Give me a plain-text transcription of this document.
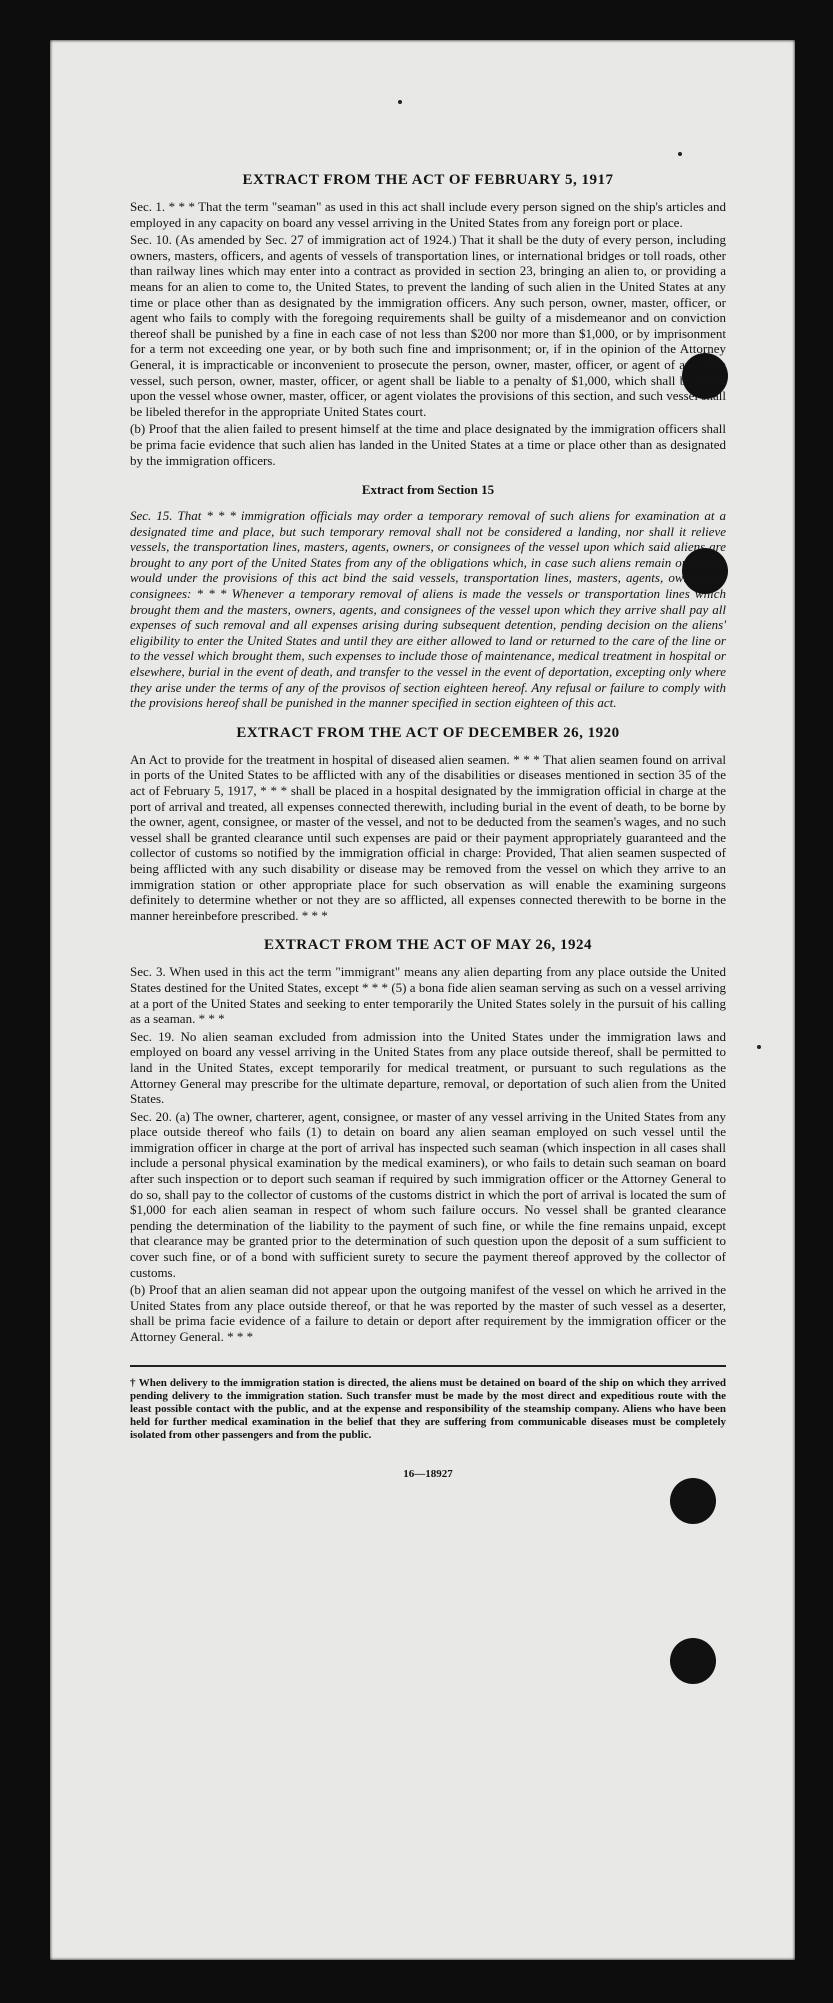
EXTRACT FROM THE ACT OF FEBRUARY 5, 1917

Sec. 1. * * * That the term "seaman" as used in this act shall include every person signed on the ship's articles and employed in any capacity on board any vessel arriving in the United States from any foreign port or place.

Sec. 10. (As amended by Sec. 27 of immigration act of 1924.) That it shall be the duty of every person, including owners, masters, officers, and agents of vessels of transportation lines, or international bridges or toll roads, other than railway lines which may enter into a contract as provided in section 23, bringing an alien to, or providing a means for an alien to come to, the United States, to prevent the landing of such alien in the United States at any time or place other than as designated by the immigration officers. Any such person, owner, master, officer, or agent who fails to comply with the foregoing requirements shall be guilty of a misdemeanor and on conviction thereof shall be punished by a fine in each case of not less than $200 nor more than $1,000, or by imprisonment for a term not exceeding one year, or by both such fine and imprisonment; or, if in the opinion of the Attorney General, it is impracticable or inconvenient to prosecute the person, owner, master, officer, or agent of any such vessel, such person, owner, master, officer, or agent shall be liable to a penalty of $1,000, which shall be a lien upon the vessel whose owner, master, officer, or agent violates the provisions of this section, and such vessel shall be libeled therefor in the appropriate United States court.

(b) Proof that the alien failed to present himself at the time and place designated by the immigration officers shall be prima facie evidence that such alien has landed in the United States at a time or place other than as designated by the immigration officers.

Extract from Section 15

Sec. 15. That * * * immigration officials may order a temporary removal of such aliens for examination at a designated time and place, but such temporary removal shall not be considered a landing, nor shall it relieve vessels, the transportation lines, masters, agents, owners, or consignees of the vessel upon which said aliens are brought to any port of the United States from any of the obligations which, in case such aliens remain on board, would under the provisions of this act bind the said vessels, transportation lines, masters, agents, owners, or consignees: * * * Whenever a temporary removal of aliens is made the vessels or transportation lines which brought them and the masters, owners, agents, and consignees of the vessel upon which they arrive shall pay all expenses of such removal and all expenses arising during subsequent detention, pending decision on the aliens' eligibility to enter the United States and until they are either allowed to land or returned to the care of the line or to the vessel which brought them, such expenses to include those of maintenance, medical treatment in hospital or elsewhere, burial in the event of death, and transfer to the vessel in the event of deportation, excepting only where they arise under the terms of any of the provisos of section eighteen hereof. Any refusal or failure to comply with the provisions hereof shall be punished in the manner specified in section eighteen of this act.

EXTRACT FROM THE ACT OF DECEMBER 26, 1920

An Act to provide for the treatment in hospital of diseased alien seamen. * * * That alien seamen found on arrival in ports of the United States to be afflicted with any of the disabilities or diseases mentioned in section 35 of the act of February 5, 1917, * * * shall be placed in a hospital designated by the immigration official in charge at the port of arrival and treated, all expenses connected therewith, including burial in the event of death, to be borne by the owner, agent, consignee, or master of the vessel, and not to be deducted from the seamen's wages, and no such vessel shall be granted clearance until such expenses are paid or their payment appropriately guaranteed and the collector of customs so notified by the immigration official in charge: Provided, That alien seamen suspected of being afflicted with any such disability or disease may be removed from the vessel on which they arrive to an immigration station or other appropriate place for such observation as will enable the examining surgeons definitely to determine whether or not they are so afflicted, all expenses connected therewith to be borne in the manner hereinbefore prescribed. * * *

EXTRACT FROM THE ACT OF MAY 26, 1924

Sec. 3. When used in this act the term "immigrant" means any alien departing from any place outside the United States destined for the United States, except * * * (5) a bona fide alien seaman serving as such on a vessel arriving at a port of the United States and seeking to enter temporarily the United States solely in the pursuit of his calling as a seaman. * * *

Sec. 19. No alien seaman excluded from admission into the United States under the immigration laws and employed on board any vessel arriving in the United States from any place outside thereof, shall be permitted to land in the United States, except temporarily for medical treatment, or pursuant to such regulations as the Attorney General may prescribe for the ultimate departure, removal, or deportation of such alien from the United States.

Sec. 20. (a) The owner, charterer, agent, consignee, or master of any vessel arriving in the United States from any place outside thereof who fails (1) to detain on board any alien seaman employed on such vessel until the immigration officer in charge at the port of arrival has inspected such seaman (which inspection in all cases shall include a personal physical examination by the medical examiners), or who fails to detain such seaman on board after such inspection or to deport such seaman if required by such immigration officer or the Attorney General to do so, shall pay to the collector of customs of the customs district in which the port of arrival is located the sum of $1,000 for each alien seaman in respect of whom such failure occurs. No vessel shall be granted clearance pending the determination of the liability to the payment of such fine, or while the fine remains unpaid, except that clearance may be granted prior to the determination of such question upon the deposit of a sum sufficient to cover such fine, or of a bond with sufficient surety to secure the payment thereof approved by the collector of customs.

(b) Proof that an alien seaman did not appear upon the outgoing manifest of the vessel on which he arrived in the United States from any place outside thereof, or that he was reported by the master of such vessel as a deserter, shall be prima facie evidence of a failure to detain or deport after requirement by the immigration officer or the Attorney General. * * *

† When delivery to the immigration station is directed, the aliens must be detained on board of the ship on which they arrived pending delivery to the immigration station. Such transfer must be made by the most direct and expeditious route with the least possible contact with the public, and at the expense and responsibility of the steamship company. Aliens who have been held for further medical examination in the belief that they are suffering from communicable diseases must be completely isolated from other passengers and from the public.

16—18927
